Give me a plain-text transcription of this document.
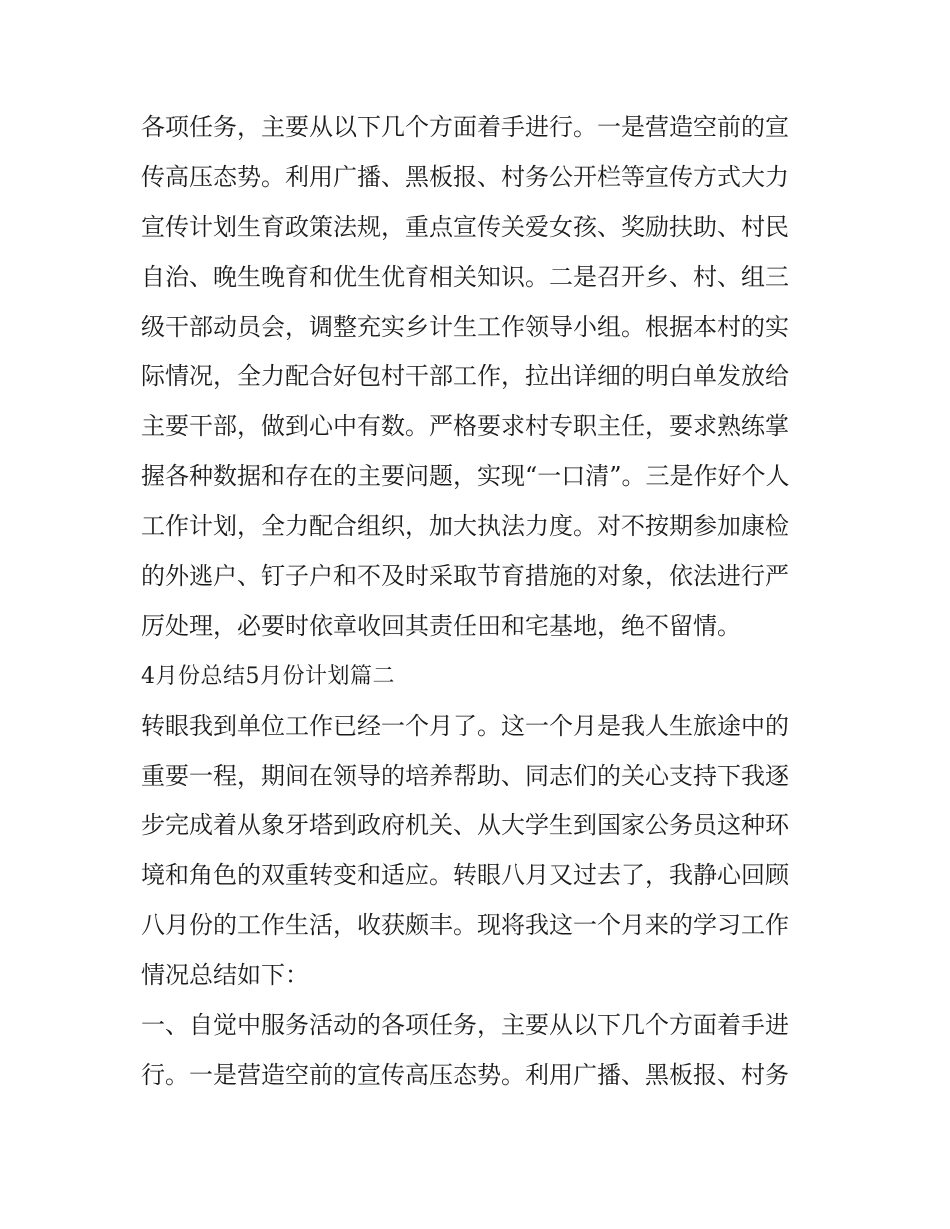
各项任务，主要从以下几个方面着手进行。一是营造空前的宣
传高压态势。利用广播、黑板报、村务公开栏等宣传方式大力
宣传计划生育政策法规，重点宣传关爱女孩、奖励扶助、村民
自治、晚生晚育和优生优育相关知识。二是召开乡、村、组三
级干部动员会，调整充实乡计生工作领导小组。根据本村的实
际情况，全力配合好包村干部工作，拉出详细的明白单发放给
主要干部，做到心中有数。严格要求村专职主任，要求熟练掌
握各种数据和存在的主要问题，实现“一口清”。三是作好个人
工作计划，全力配合组织，加大执法力度。对不按期参加康检
的外逃户、钉子户和不及时采取节育措施的对象，依法进行严
厉处理，必要时依章收回其责任田和宅基地，绝不留情。
4月份总结5月份计划篇二
转眼我到单位工作已经一个月了。这一个月是我人生旅途中的
重要一程，期间在领导的培养帮助、同志们的关心支持下我逐
步完成着从象牙塔到政府机关、从大学生到国家公务员这种环
境和角色的双重转变和适应。转眼八月又过去了，我静心回顾
八月份的工作生活，收获颇丰。现将我这一个月来的学习工作
情况总结如下：
一、自觉中服务活动的各项任务，主要从以下几个方面着手进
行。一是营造空前的宣传高压态势。利用广播、黑板报、村务
